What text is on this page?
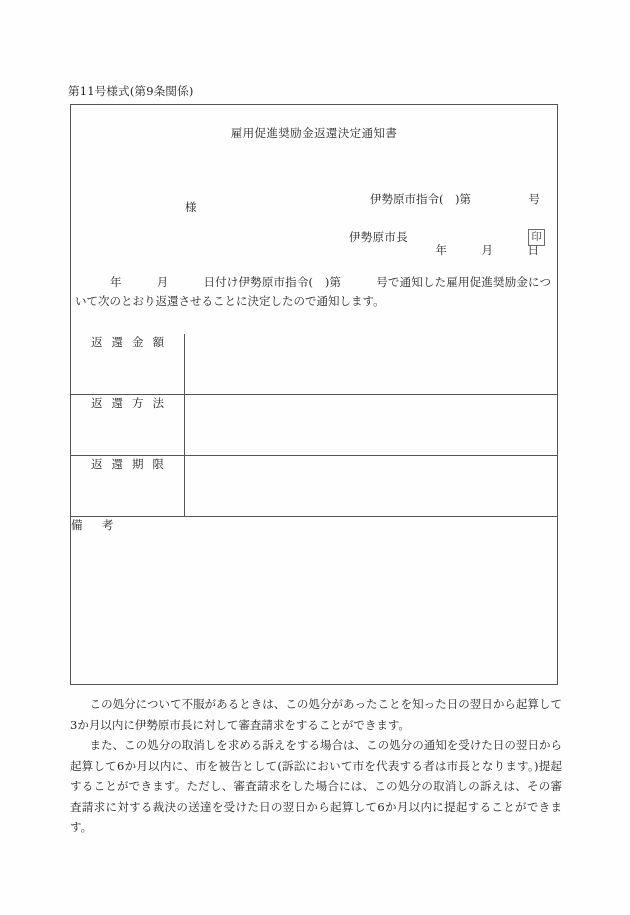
第11号様式(第9条関係)
雇用促進奨励金返還決定通知書

伊勢原市指令(　)第　　　　　号

年　　　月　　　日

様
伊勢原市長	印
　　　年　　　月　　　日付け伊勢原市指令(　)第　　　号で通知した雇用促進奨励金について次のとおり返還させることに決定したので通知します。
返還金額	
返還方法	
返還期限	
備　考	

この処分について不服があるときは、この処分があったことを知った日の翌日から起算して3か月以内に伊勢原市長に対して審査請求をすることができます。

また、この処分の取消しを求める訴えをする場合は、この処分の通知を受けた日の翌日から起算して6か月以内に、市を被告として(訴訟において市を代表する者は市長となります。)提起することができます。ただし、審査請求をした場合には、この処分の取消しの訴えは、その審査請求に対する裁決の送達を受けた日の翌日から起算して6か月以内に提起することができます。
